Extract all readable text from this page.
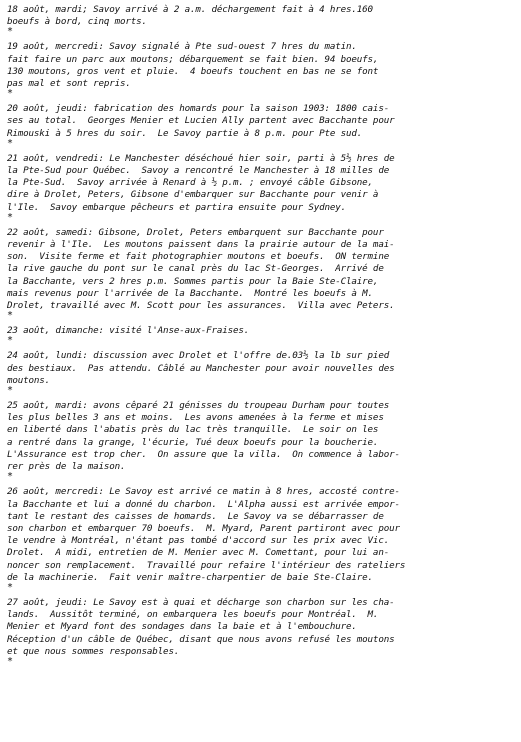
18 août, mardi; Savoy arrivé à 2 a.m. déchargement fait à 4 hres.160
boeufs à bord, cinq morts.
*
19 août, mercredi: Savoy signalé à Pte sud-ouest 7 hres du matin.
fait faire un parc aux moutons; débarquement se fait bien. 94 boeufs,
130 moutons, gros vent et pluie.  4 boeufs touchent en bas ne se font
pas mal et sont repris.
*
20 août, jeudi: fabrication des homards pour la saison 1903: 1800 cais-
ses au total.  Georges Menier et Lucien Ally partent avec Bacchante pour
Rimouski à 5 hres du soir.  Le Savoy partie à 8 p.m. pour Pte sud.
*
21 août, vendredi: Le Manchester déséchoué hier soir, parti à 5½ hres de
la Pte-Sud pour Québec.  Savoy a rencontré le Manchester à 18 milles de
la Pte-Sud.  Savoy arrivée à Renard à ½ p.m. ; envoyé câble Gibsone,
dire à Drolet, Peters, Gibsone d'embarquer sur Bacchante pour venir à
l'Ile.  Savoy embarque pêcheurs et partira ensuite pour Sydney.
*
22 août, samedi: Gibsone, Drolet, Peters embarquent sur Bacchante pour
revenir à l'Ile.  Les moutons paissent dans la prairie autour de la mai-
son.  Visite ferme et fait photographier moutons et boeufs.  ON termine
la rive gauche du pont sur le canal près du lac St-Georges.  Arrivé de
la Bacchante, vers 2 hres p.m. Sommes partis pour la Baie Ste-Claire,
mais revenus pour l'arrivée de la Bacchante.  Montré les boeufs à M.
Drolet, travaillé avec M. Scott pour les assurances.  Villa avec Peters.
*
23 août, dimanche: visité l'Anse-aux-Fraises.
*
24 août, lundi: discussion avec Drolet et l'offre de.03½ la lb sur pied
des bestiaux.  Pas attendu. Câblé au Manchester pour avoir nouvelles des
moutons.
*
25 août, mardi: avons cêparé 21 génisses du troupeau Durham pour toutes
les plus belles 3 ans et moins.  Les avons amenées à la ferme et mises
en liberté dans l'abatis près du lac très tranquille.  Le soir on les
a rentré dans la grange, l'écurie, Tué deux boeufs pour la boucherie.
L'Assurance est trop cher.  On assure que la villa.  On commence à labor-
rer près de la maison.
*
26 août, mercredi: Le Savoy est arrivé ce matin à 8 hres, accosté contre-
la Bacchante et lui a donné du charbon.  L'Alpha aussi est arrivée empor-
tant le restant des caisses de homards.  Le Savoy va se débarrasser de
son charbon et embarquer 70 boeufs.  M. Myard, Parent partiront avec pour
le vendre à Montréal, n'étant pas tombé d'accord sur les prix avec Vic.
Drolet.  A midi, entretien de M. Menier avec M. Comettant, pour lui an-
noncer son remplacement.  Travaillé pour refaire l'intérieur des rateliers
de la machinerie.  Fait venir maître-charpentier de baie Ste-Claire.
*
27 août, jeudi: Le Savoy est à quai et décharge son charbon sur les cha-
lands.  Aussitôt terminé, on embarquera les boeufs pour Montréal.  M.
Menier et Myard font des sondages dans la baie et à l'embouchure.
Réception d'un câble de Québec, disant que nous avons refusé les moutons
et que nous sommes responsables.
*
